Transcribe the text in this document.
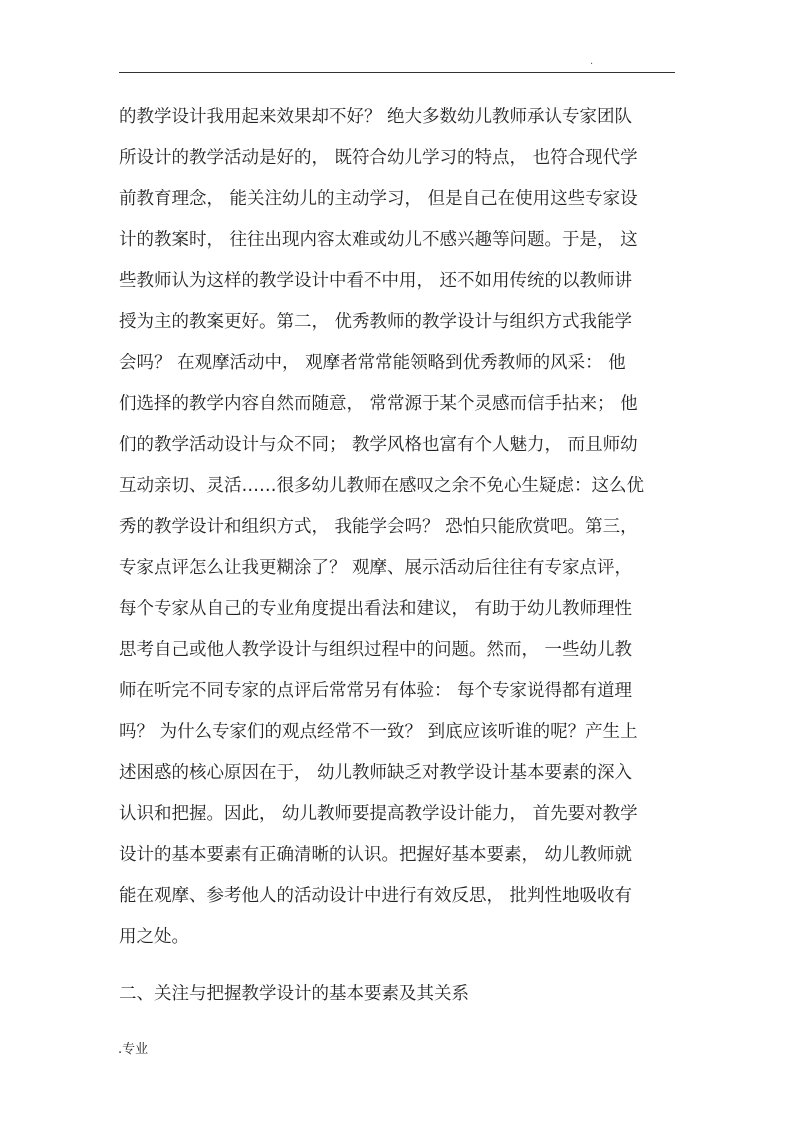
.
的教学设计我用起来效果却不好？ 绝大多数幼儿教师承认专家团队
所设计的教学活动是好的， 既符合幼儿学习的特点， 也符合现代学
前教育理念， 能关注幼儿的主动学习， 但是自己在使用这些专家设
计的教案时， 往往出现内容太难或幼儿不感兴趣等问题。于是， 这
些教师认为这样的教学设计中看不中用， 还不如用传统的以教师讲
授为主的教案更好。第二， 优秀教师的教学设计与组织方式我能学
会吗？ 在观摩活动中， 观摩者常常能领略到优秀教师的风采： 他
们选择的教学内容自然而随意， 常常源于某个灵感而信手拈来； 他
们的教学活动设计与众不同； 教学风格也富有个人魅力， 而且师幼
互动亲切、灵活……很多幼儿教师在感叹之余不免心生疑虑：这么优
秀的教学设计和组织方式， 我能学会吗？ 恐怕只能欣赏吧。第三，
专家点评怎么让我更糊涂了？ 观摩、展示活动后往往有专家点评，
每个专家从自己的专业角度提出看法和建议， 有助于幼儿教师理性
思考自己或他人教学设计与组织过程中的问题。然而， 一些幼儿教
师在听完不同专家的点评后常常另有体验： 每个专家说得都有道理
吗？ 为什么专家们的观点经常不一致？ 到底应该听谁的呢？产生上
述困惑的核心原因在于， 幼儿教师缺乏对教学设计基本要素的深入
认识和把握。因此， 幼儿教师要提高教学设计能力， 首先要对教学
设计的基本要素有正确清晰的认识。把握好基本要素， 幼儿教师就
能在观摩、参考他人的活动设计中进行有效反思， 批判性地吸收有
用之处。
二、关注与把握教学设计的基本要素及其关系
.专业
